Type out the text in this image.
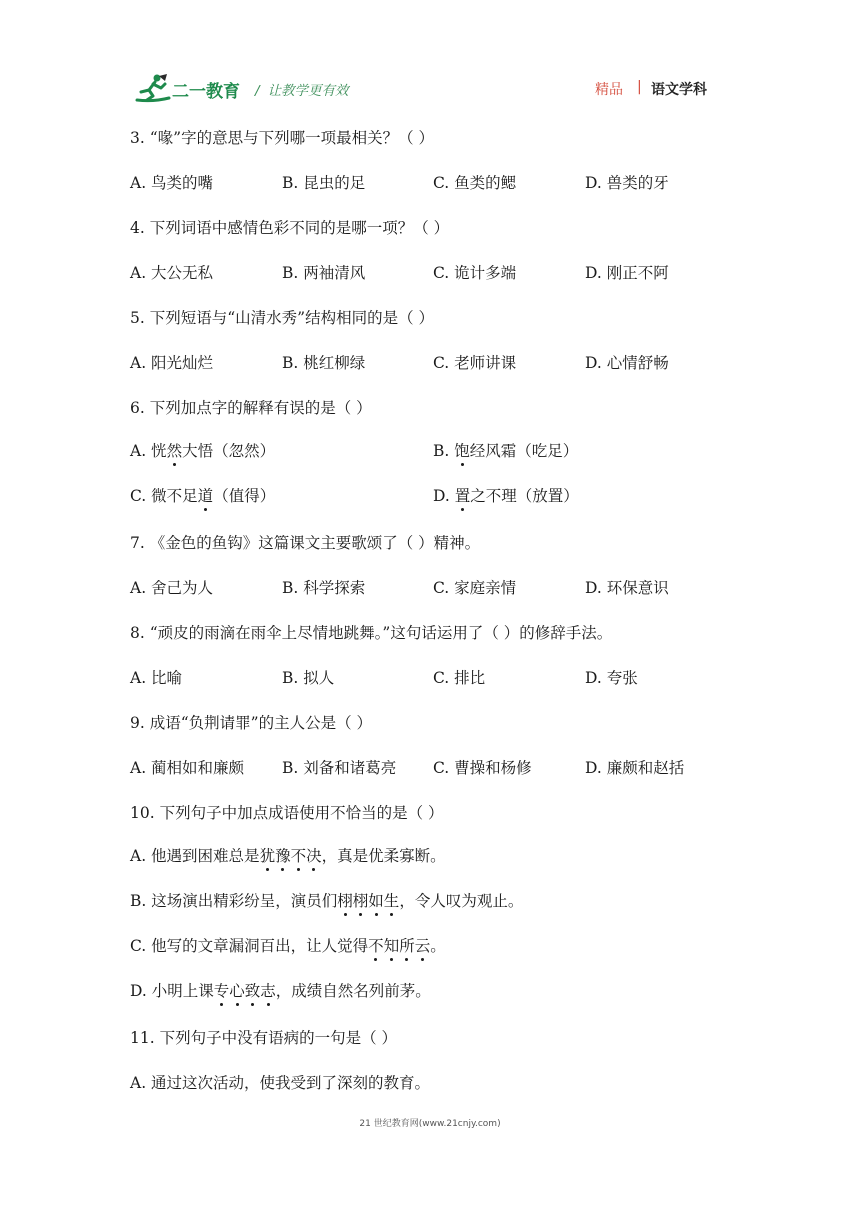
二一教育 / 让教学更有效	精品 | 语文学科
3. “喙”字的意思与下列哪一项最相关？（ ）
A. 鸟类的嘴	B. 昆虫的足	C. 鱼类的鳃	D. 兽类的牙
4. 下列词语中感情色彩不同的是哪一项？（ ）
A. 大公无私	B. 两袖清风	C. 诡计多端	D. 刚正不阿
5. 下列短语与“山清水秀”结构相同的是（ ）
A. 阳光灿烂	B. 桃红柳绿	C. 老师讲课	D. 心情舒畅
6. 下列加点字的解释有误的是（ ）
A. 恍然大悟（忽然）	B. 饱经风霜（吃足）
C. 微不足道（值得）	D. 置之不理（放置）
7. 《金色的鱼钩》这篇课文主要歌颂了（ ）精神。
A. 舍己为人	B. 科学探索	C. 家庭亲情	D. 环保意识
8. “顽皮的雨滴在雨伞上尽情地跳舞。”这句话运用了（ ）的修辞手法。
A. 比喻	B. 拟人	C. 排比	D. 夸张
9. 成语“负荆请罪”的主人公是（ ）
A. 蔺相如和廉颇 B. 刘备和诸葛亮 C. 曹操和杨修	D. 廉颇和赵括
10. 下列句子中加点成语使用不恰当的是（ ）
A. 他遇到困难总是犹豫不决，真是优柔寡断。
B. 这场演出精彩纷呈，演员们栩栩如生，令人叹为观止。
C. 他写的文章漏洞百出，让人觉得不知所云。
D. 小明上课专心致志，成绩自然名列前茅。
11. 下列句子中没有语病的一句是（ ）
A. 通过这次活动，使我受到了深刻的教育。
21 世纪教育网(www.21cnjy.com)
